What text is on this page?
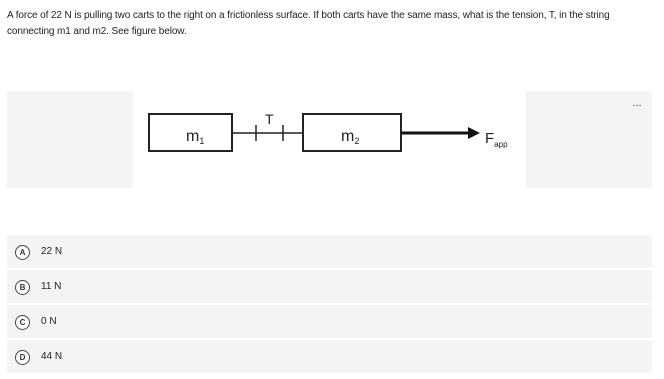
A force of 22 N is pulling two carts to the right on a frictionless surface. If both carts have the same mass, what is the tension, T, in the string connecting m1 and m2. See figure below.
...
m1
T
m2	$F_{app}$
A	22 N
B	11 N
C	0 N
D	44 N
